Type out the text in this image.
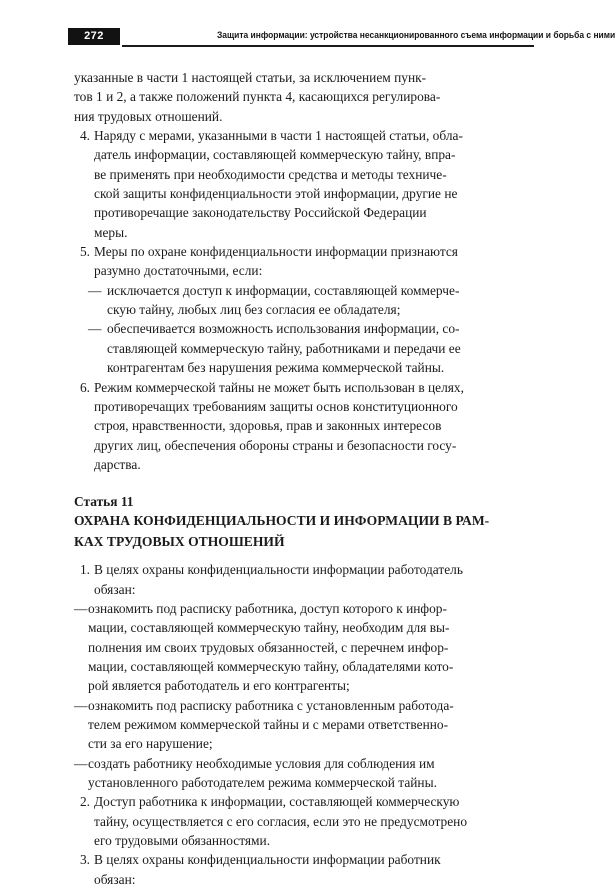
272	Защита информации: устройства несанкционированного съема информации и борьба с ними
указанные в части 1 настоящей статьи, за исключением пунк-
тов 1 и 2, а также положений пункта 4, касающихся регулирова-
ния трудовых отношений.
4. Наряду с мерами, указанными в части 1 настоящей статьи, обла-
датель информации, составляющей коммерческую тайну, впра-
ве применять при необходимости средства и методы техниче-
ской защиты конфиденциальности этой информации, другие не
противоречащие законодательству Российской Федерации
меры.
5. Меры по охране конфиденциальности информации признаются
разумно достаточными, если:
— исключается доступ к информации, составляющей коммерче-
скую тайну, любых лиц без согласия ее обладателя;
— обеспечивается возможность использования информации, со-
ставляющей коммерческую тайну, работниками и передачи ее
контрагентам без нарушения режима коммерческой тайны.
6. Режим коммерческой тайны не может быть использован в целях,
противоречащих требованиям защиты основ конституционного
строя, нравственности, здоровья, прав и законных интересов
других лиц, обеспечения обороны страны и безопасности госу-
дарства.
Статья 11
ОХРАНА КОНФИДЕНЦИАЛЬНОСТИ И ИНФОРМАЦИИ В РАМ-
КАХ ТРУДОВЫХ ОТНОШЕНИЙ
1. В целях охраны конфиденциальности информации работодатель
обязан:
— ознакомить под расписку работника, доступ которого к инфор-
мации, составляющей коммерческую тайну, необходим для вы-
полнения им своих трудовых обязанностей, с перечнем инфор-
мации, составляющей коммерческую тайну, обладателями кото-
рой является работодатель и его контрагенты;
— ознакомить под расписку работника с установленным работода-
телем режимом коммерческой тайны и с мерами ответственно-
сти за его нарушение;
— создать работнику необходимые условия для соблюдения им
установленного работодателем режима коммерческой тайны.
2. Доступ работника к информации, составляющей коммерческую
тайну, осуществляется с его согласия, если это не предусмотрено
его трудовыми обязанностями.
3. В целях охраны конфиденциальности информации работник
обязан:
